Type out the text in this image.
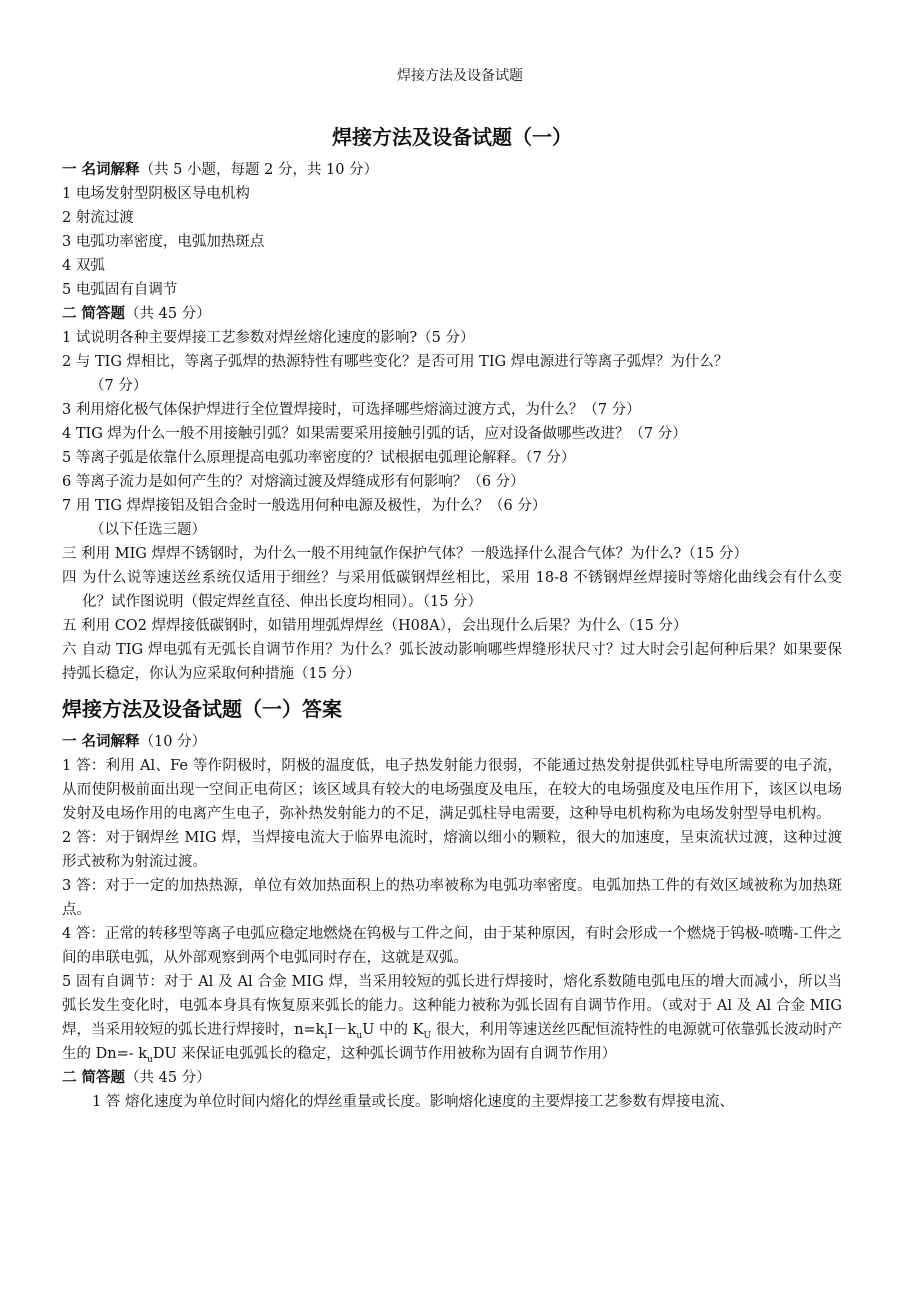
焊接方法及设备试题
焊接方法及设备试题（一）

一 名词解释（共 5 小题，每题 2 分，共 10 分）

1 电场发射型阴极区导电机构

2 射流过渡

3 电弧功率密度，电弧加热斑点

4 双弧

5 电弧固有自调节

二 简答题（共 45 分）

1 试说明各种主要焊接工艺参数对焊丝熔化速度的影响?（5 分）

2 与 TIG 焊相比，等离子弧焊的热源特性有哪些变化？是否可用 TIG 焊电源进行等离子弧焊？为什么？

（7 分）

3 利用熔化极气体保护焊进行全位置焊接时，可选择哪些熔滴过渡方式，为什么？（7 分）

4 TIG 焊为什么一般不用接触引弧？如果需要采用接触引弧的话，应对设备做哪些改进？（7 分）

5 等离子弧是依靠什么原理提高电弧功率密度的？试根据电弧理论解释。（7 分）

6 等离子流力是如何产生的？对熔滴过渡及焊缝成形有何影响？（6 分）

7 用 TIG 焊焊接铝及铝合金时一般选用何种电源及极性，为什么？（6 分）

（以下任选三题）

三 利用 MIG 焊焊不锈钢时，为什么一般不用纯氩作保护气体？一般选择什么混合气体？为什么?（15 分）

四 为什么说等速送丝系统仅适用于细丝？与采用低碳钢焊丝相比，采用 18-8 不锈钢焊丝焊接时等熔化曲线会有什么变化？试作图说明（假定焊丝直径、伸出长度均相同）。（15 分）

五 利用 CO2 焊焊接低碳钢时，如错用埋弧焊焊丝（H08A），会出现什么后果？为什么（15 分）

六 自动 TIG 焊电弧有无弧长自调节作用？为什么？弧长波动影响哪些焊缝形状尺寸？过大时会引起何种后果？如果要保持弧长稳定，你认为应采取何种措施（15 分）

焊接方法及设备试题（一）答案

一 名词解释（10 分）

1 答：利用 Al、Fe 等作阴极时，阴极的温度低，电子热发射能力很弱，不能通过热发射提供弧柱导电所需要的电子流，从而使阴极前面出现一空间正电荷区；该区域具有较大的电场强度及电压，在较大的电场强度及电压作用下，该区以电场发射及电场作用的电离产生电子，弥补热发射能力的不足，满足弧柱导电需要，这种导电机构称为电场发射型导电机构。

2 答：对于钢焊丝 MIG 焊，当焊接电流大于临界电流时，熔滴以细小的颗粒，很大的加速度，呈束流状过渡，这种过渡形式被称为射流过渡。

3 答：对于一定的加热热源，单位有效加热面积上的热功率被称为电弧功率密度。电弧加热工件的有效区域被称为加热斑点。

4 答：正常的转移型等离子电弧应稳定地燃烧在钨极与工件之间，由于某种原因，有时会形成一个燃烧于钨极-喷嘴-工件之间的串联电弧，从外部观察到两个电弧同时存在，这就是双弧。

5 固有自调节：对于 Al 及 Al 合金 MIG 焊，当采用较短的弧长进行焊接时，熔化系数随电弧电压的增大而减小，所以当弧长发生变化时，电弧本身具有恢复原来弧长的能力。这种能力被称为弧长固有自调节作用。（或对于 Al 及 Al 合金 MIG 焊，当采用较短的弧长进行焊接时，$n=k_iI-k_uU$ 中的 $K_U$ 很大，利用等速送丝匹配恒流特性的电源就可依靠弧长波动时产生的 Dn=- $k_uDU$ 来保证电弧弧长的稳定，这种弧长调节作用被称为固有自调节作用）

二 简答题（共 45 分）

1 答 熔化速度为单位时间内熔化的焊丝重量或长度。影响熔化速度的主要焊接工艺参数有焊接电流、
